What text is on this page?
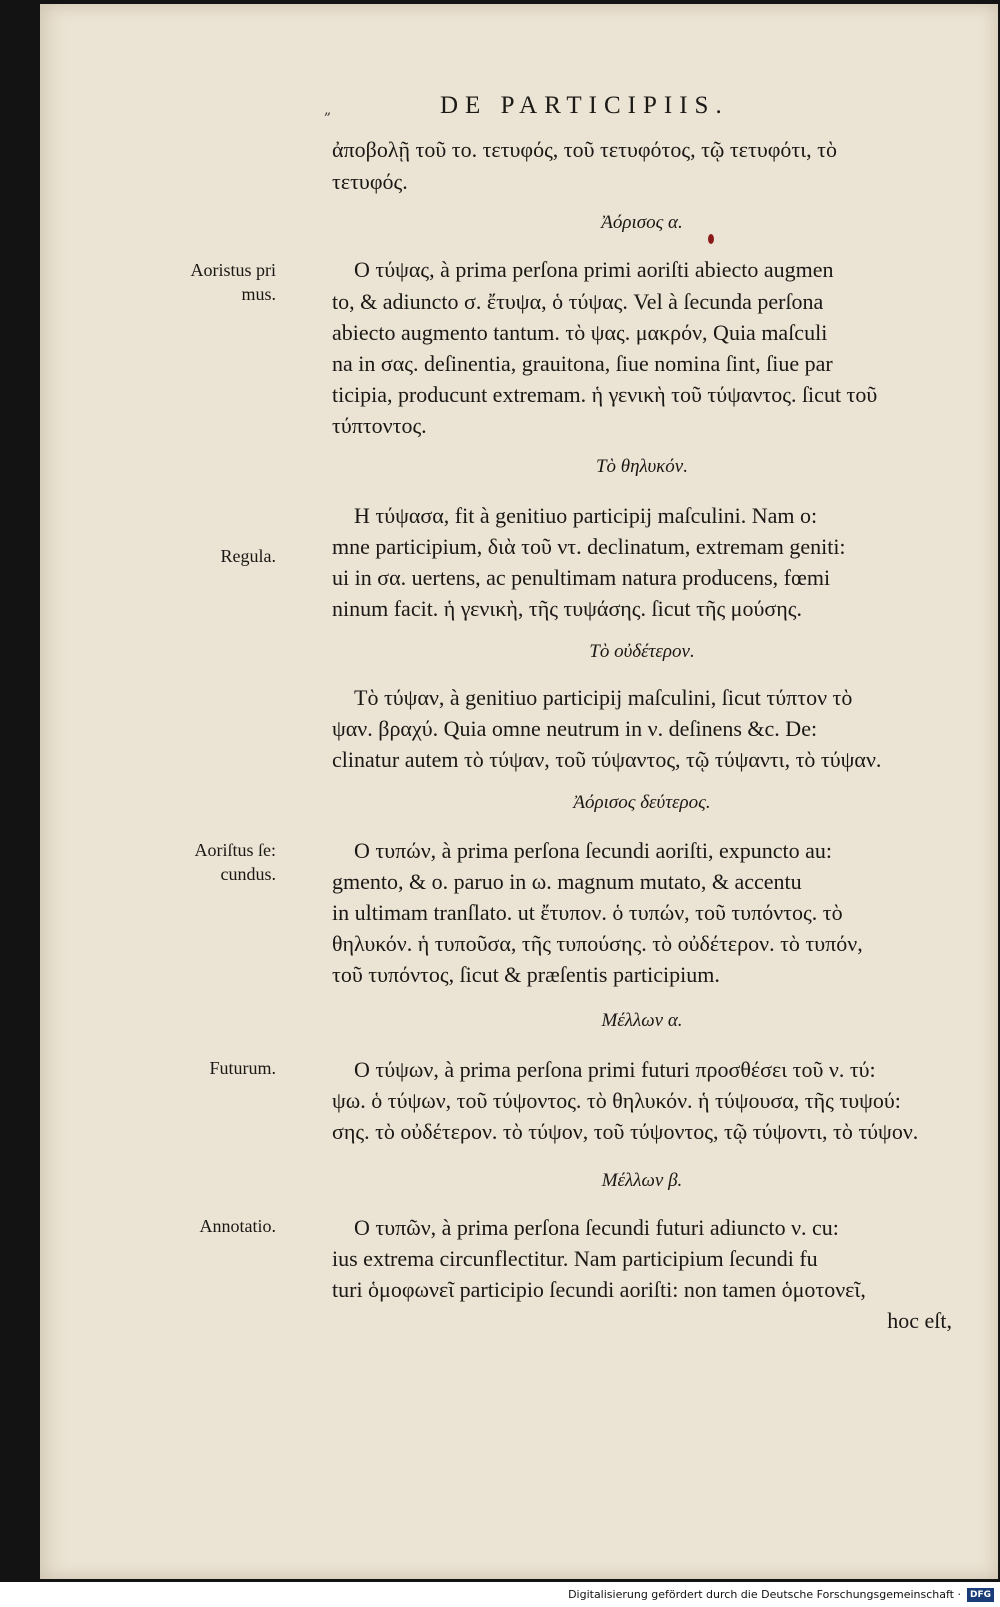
„	DE PARTICIPIIS.
ἀποβολῇ τοῦ το. τετυφός, τοῦ τετυφότος, τῷ τετυφότι, τὸ
τετυφός.
Ἀόρισος α.
Aoristus pri
mus.
O τύψας, à prima perſona primi aoriſti abiecto augmen
to, & adiuncto σ. ἔτυψα, ὁ τύψας. Vel à ſecunda perſona
abiecto augmento tantum. τὸ ψας. μακρόν, Quia maſculi
na in σας. deſinentia, grauitona, ſiue nomina ſint, ſiue par
ticipia, producunt extremam. ἡ γενικὴ τοῦ τύψαντος. ſicut τοῦ
τύπτοντος.
Τὸ θηλυκόν.
Regula.
H τύψασα, fit à genitiuo participij maſculini. Nam o:
mne participium, διὰ τοῦ ντ. declinatum, extremam geniti:
ui in σα. uertens, ac penultimam natura producens, fœmi
ninum facit. ἡ γενικὴ, τῆς τυψάσης. ſicut τῆς μούσης.
Τὸ οὐδέτερον.
Tὸ τύψαν, à genitiuo participij maſculini, ſicut τύπτον τὸ
ψαν. βραχύ. Quia omne neutrum in ν. deſinens &c. De:
clinatur autem τὸ τύψαν, τοῦ τύψαντος, τῷ τύψαντι, τὸ τύψαν.
Ἀόρισος δεύτερος.
Aoriſtus ſe:
cundus.
O τυπών, à prima perſona ſecundi aoriſti, expuncto au:
gmento, & ο. paruo in ω. magnum mutato, & accentu
in ultimam tranſlato. ut ἔτυπον. ὁ τυπών, τοῦ τυπόντος. τὸ
θηλυκόν. ἡ τυποῦσα, τῆς τυπούσης. τὸ οὐδέτερον. τὸ τυπόν,
τοῦ τυπόντος, ſicut & præſentis participium.
Μέλλων α.
Futurum.	O τύψων, à prima perſona primi futuri προσθέσει τοῦ ν. τύ:
ψω. ὁ τύψων, τοῦ τύψοντος. τὸ θηλυκόν. ἡ τύψουσα, τῆς τυψού:
σης. τὸ οὐδέτερον. τὸ τύψον, τοῦ τύψοντος, τῷ τύψοντι, τὸ τύψον.
Μέλλων β.
Annotatio.	O τυπῶν, à prima perſona ſecundi futuri adiuncto ν. cu:
ius extrema circunflectitur. Nam participium ſecundi fu
turi ὁμοφωνεῖ participio ſecundi aoriſti: non tamen ὁμοτονεῖ,
hoc eſt,
Digitalisierung gefördert durch die Deutsche Forschungsgemeinschaft · DFG
